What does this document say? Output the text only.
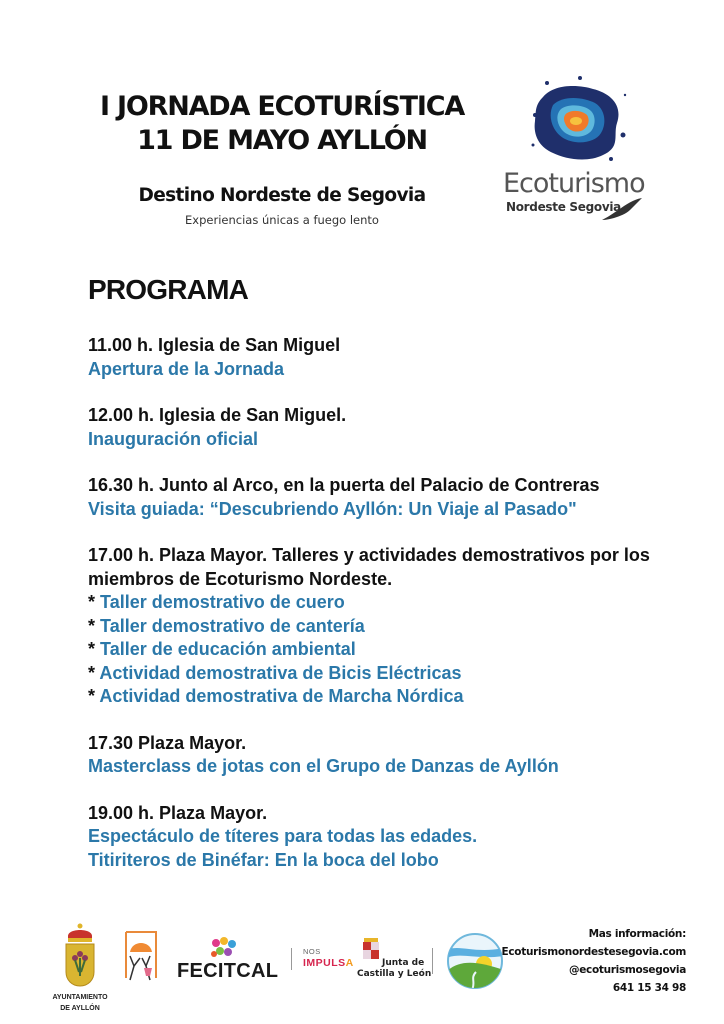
I JORNADA ECOTURÍSTICA
11 DE MAYO AYLLÓN
Destino Nordeste de Segovia
Experiencias únicas a fuego lento
Ecoturismo
Nordeste Segovia
PROGRAMA
11.00 h. Iglesia de San Miguel
Apertura de la Jornada
12.00 h. Iglesia de San Miguel.
Inauguración oficial
16.30 h. Junto al Arco, en la puerta del Palacio de Contreras
Visita guiada: “Descubriendo Ayllón: Un Viaje al Pasado"
17.00 h. Plaza Mayor. Talleres y actividades demostrativos por los miembros de Ecoturismo Nordeste.
* Taller demostrativo de cuero
* Taller demostrativo de cantería
* Taller de educación ambiental
* Actividad demostrativa de Bicis Eléctricas
* Actividad demostrativa de Marcha Nórdica
17.30 Plaza Mayor.
Masterclass de jotas con el Grupo de Danzas de Ayllón
19.00 h. Plaza Mayor.
Espectáculo de títeres para todas las edades.
Titiriteros de Binéfar: En la boca del lobo
AYUNTAMIENTO
DE AYLLÓN
FECITCAL
NOS
IMPULSA	Junta de
Castilla y León
Mas información:
Ecoturismonordestesegovia.com
@ecoturismosegovia
641 15 34 98
